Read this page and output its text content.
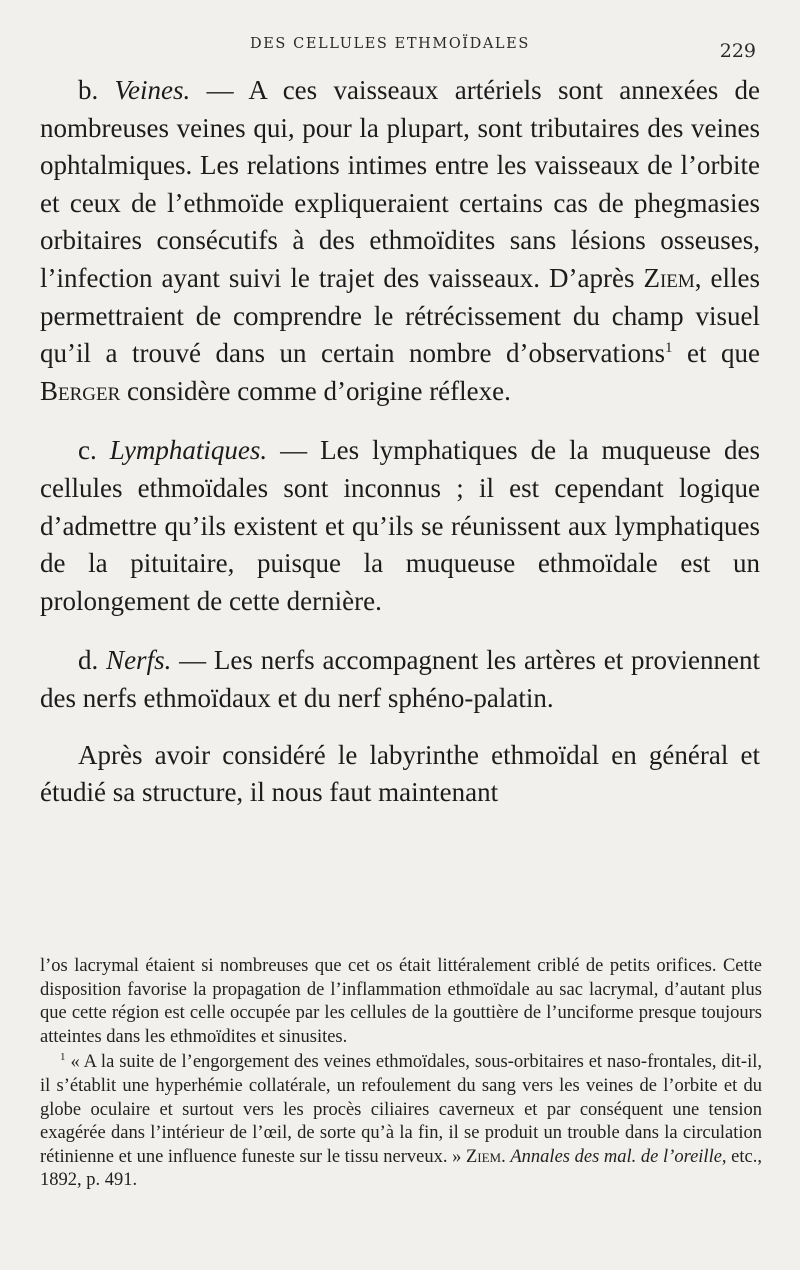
DES CELLULES ETHMOÏDALES	229

b. Veines. — A ces vaisseaux artériels sont annexées de nombreuses veines qui, pour la plupart, sont tributaires des veines ophtalmiques. Les relations intimes entre les vaisseaux de l’orbite et ceux de l’ethmoïde expliqueraient certains cas de phegmasies orbitaires consécutifs à des ethmoïdites sans lésions osseuses, l’infection ayant suivi le trajet des vaisseaux. D’après Ziem, elles permettraient de comprendre le rétrécissement du champ visuel qu’il a trouvé dans un certain nombre d’observations$^1$ et que Berger considère comme d’origine réflexe.

c. Lymphatiques. — Les lymphatiques de la muqueuse des cellules ethmoïdales sont inconnus ; il est cependant logique d’admettre qu’ils existent et qu’ils se réunissent aux lymphatiques de la pituitaire, puisque la muqueuse ethmoïdale est un prolongement de cette dernière.

d. Nerfs. — Les nerfs accompagnent les artères et proviennent des nerfs ethmoïdaux et du nerf sphéno-palatin.

Après avoir considéré le labyrinthe ethmoïdal en général et étudié sa structure, il nous faut maintenant

l’os lacrymal étaient si nombreuses que cet os était littéralement criblé de petits orifices. Cette disposition favorise la propagation de l’inflammation ethmoïdale au sac lacrymal, d’autant plus que cette région est celle occupée par les cellules de la gouttière de l’unciforme presque toujours atteintes dans les ethmoïdites et sinusites.

$^1$ « A la suite de l’engorgement des veines ethmoïdales, sous-orbitaires et naso-frontales, dit-il, il s’établit une hyperhémie collatérale, un refoulement du sang vers les veines de l’orbite et du globe oculaire et surtout vers les procès ciliaires caverneux et par conséquent une tension exagérée dans l’intérieur de l’œil, de sorte qu’à la fin, il se produit un trouble dans la circulation rétinienne et une influence funeste sur le tissu nerveux. » Ziem. Annales des mal. de l’oreille, etc., 1892, p. 491.
